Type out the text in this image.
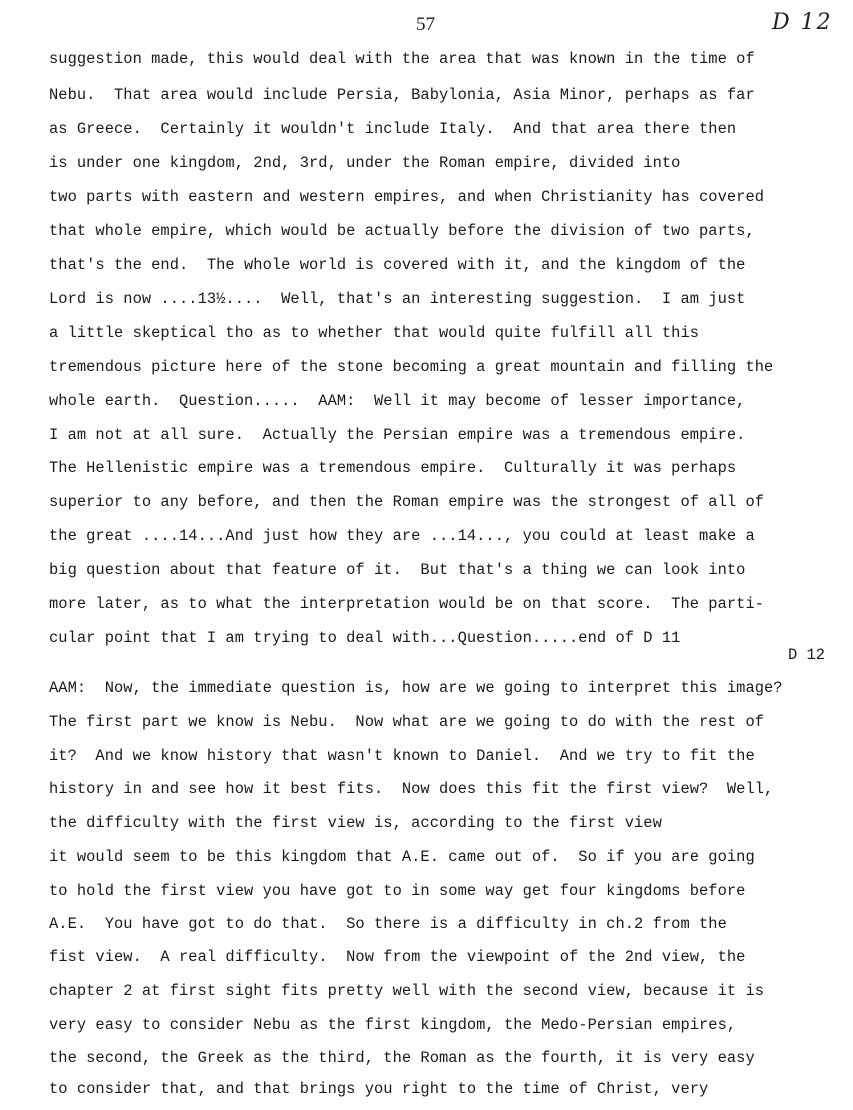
57	D 12
suggestion made, this would deal with the area that was known in the time of
Nebu.  That area would include Persia, Babylonia, Asia Minor, perhaps as far
as Greece.  Certainly it wouldn't include Italy.  And that area there then
is under one kingdom, 2nd, 3rd, under the Roman empire, divided into
two parts with eastern and western empires, and when Christianity has covered
that whole empire, which would be actually before the division of two parts,
that's the end.  The whole world is covered with it, and the kingdom of the
Lord is now ....13½....  Well, that's an interesting suggestion.  I am just
a little skeptical tho as to whether that would quite fulfill all this
tremendous picture here of the stone becoming a great mountain and filling the
whole earth.  Question.....  AAM:  Well it may become of lesser importance,
I am not at all sure.  Actually the Persian empire was a tremendous empire.
The Hellenistic empire was a tremendous empire.  Culturally it was perhaps
superior to any before, and then the Roman empire was the strongest of all of
the great ....14...And just how they are ...14..., you could at least make a
big question about that feature of it.  But that's a thing we can look into
more later, as to what the interpretation would be on that score.  The parti-
cular point that I am trying to deal with...Question.....end of D 11
D 12
AAM:  Now, the immediate question is, how are we going to interpret this image?
The first part we know is Nebu.  Now what are we going to do with the rest of
it?  And we know history that wasn't known to Daniel.  And we try to fit the
history in and see how it best fits.  Now does this fit the first view?  Well,
the difficulty with the first view is, according to the first view
it would seem to be this kingdom that A.E. came out of.  So if you are going
to hold the first view you have got to in some way get four kingdoms before
A.E.  You have got to do that.  So there is a difficulty in ch.2 from the
fist view.  A real difficulty.  Now from the viewpoint of the 2nd view, the
chapter 2 at first sight fits pretty well with the second view, because it is
very easy to consider Nebu as the first kingdom, the Medo-Persian empires,
the second, the Greek as the third, the Roman as the fourth, it is very easy
to consider that, and that brings you right to the time of Christ, very
